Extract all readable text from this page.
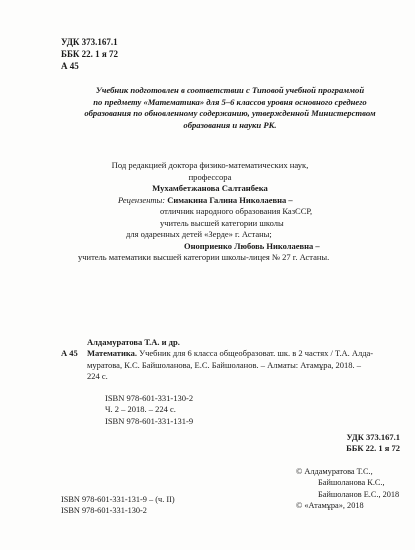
УДК 373.167.1
ББК 22. 1 я 72
А 45
Учебник подготовлен в соответствии с Типовой учебной программой
по предмету «Математика» для 5–6 классов уровня основного среднего
образования по обновленному содержанию, утвержденной Министерством
образования и науки РК.
Под редакцией доктора физико-математических наук,
профессора
Мухамбетжанова Салтанбека
Рецензенты: Симакина Галина Николаевна –
отличник народного образования КазССР,
учитель высшей категории школы
для одаренных детей «Зерде» г. Астаны;
Оноприенко Любовь Николаевна –
учитель математики высшей категории школы-лицея № 27 г. Астаны.
А 45
Алдамуратова Т.А. и др.
Математика. Учебник для 6 класса общеобразоват. шк. в 2 частях / Т.А. Алда-
муратова, К.С. Байшоланова, Е.С. Байшоланов. – Алматы: Атамұра, 2018. –
224 с.
ISBN 978-601-331-130-2
Ч. 2 – 2018. – 224 с.
ISBN 978-601-331-131-9
УДК 373.167.1
ББК 22. 1 я 72
© Алдамуратова Т.С.,
Байшоланова К.С.,
Байшоланов Е.С., 2018
© «Атамұра», 2018
ISBN 978-601-331-131-9 – (ч. II)
ISBN 978-601-331-130-2
